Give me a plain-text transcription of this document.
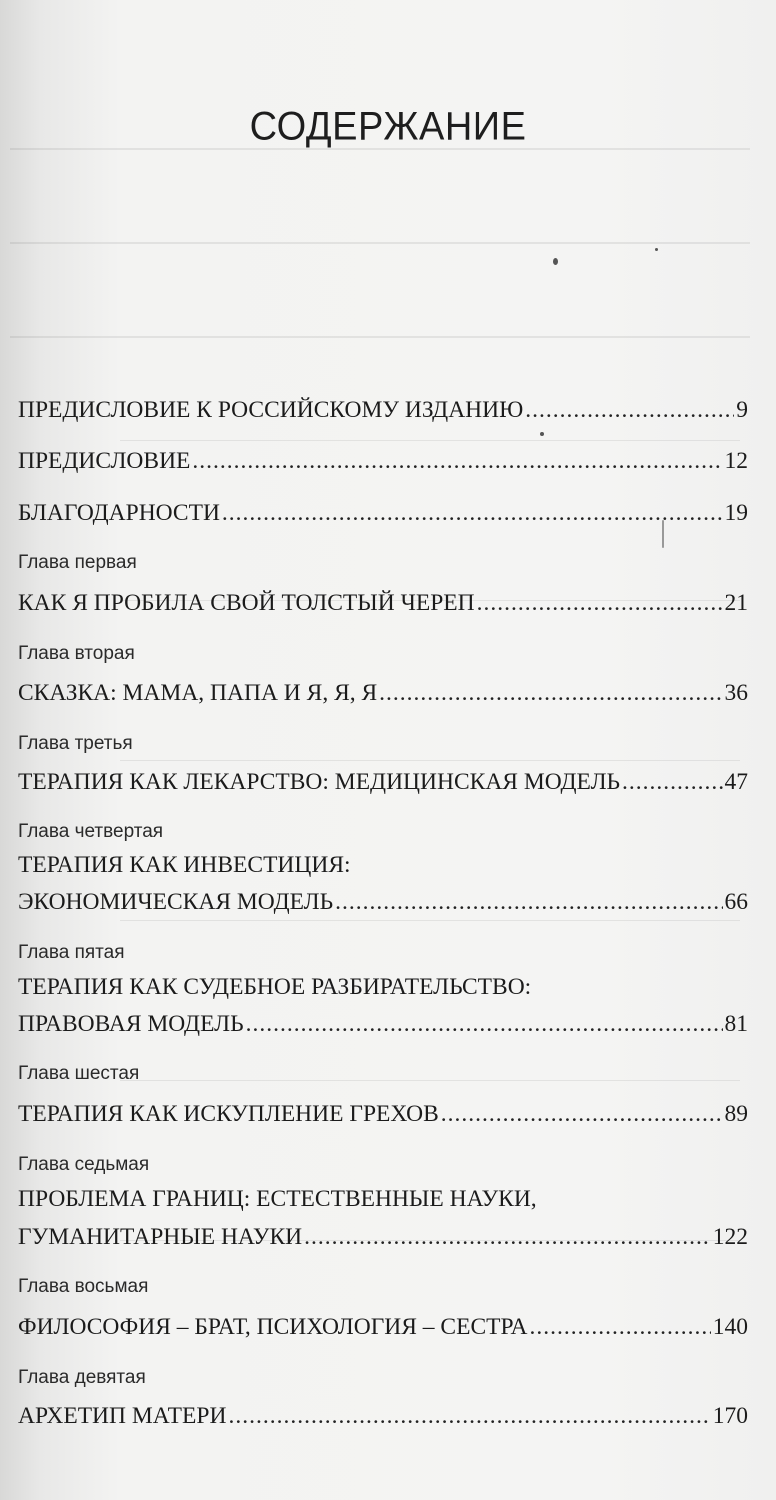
СОДЕРЖАНИЕ
ПРЕДИСЛОВИЕ К РОССИЙСКОМУ ИЗДАНИЮ .....	9
ПРЕДИСЛОВИЕ .....	12
БЛАГОДАРНОСТИ .....	19
Глава первая
КАК Я ПРОБИЛА СВОЙ ТОЛСТЫЙ ЧЕРЕП .....	21
Глава вторая
СКАЗКА: МАМА, ПАПА И Я, Я, Я .....	36
Глава третья
ТЕРАПИЯ КАК ЛЕКАРСТВО: МЕДИЦИНСКАЯ МОДЕЛЬ .....	47
Глава четвертая
ТЕРАПИЯ КАК ИНВЕСТИЦИЯ:
ЭКОНОМИЧЕСКАЯ МОДЕЛЬ .....	66
Глава пятая
ТЕРАПИЯ КАК СУДЕБНОЕ РАЗБИРАТЕЛЬСТВО:
ПРАВОВАЯ МОДЕЛЬ .....	81
Глава шестая
ТЕРАПИЯ КАК ИСКУПЛЕНИЕ ГРЕХОВ .....	89
Глава седьмая
ПРОБЛЕМА ГРАНИЦ: ЕСТЕСТВЕННЫЕ НАУКИ,
ГУМАНИТАРНЫЕ НАУКИ .....	122
Глава восьмая
ФИЛОСОФИЯ – БРАТ, ПСИХОЛОГИЯ – СЕСТРА .....	140
Глава девятая
АРХЕТИП МАТЕРИ .....	170
